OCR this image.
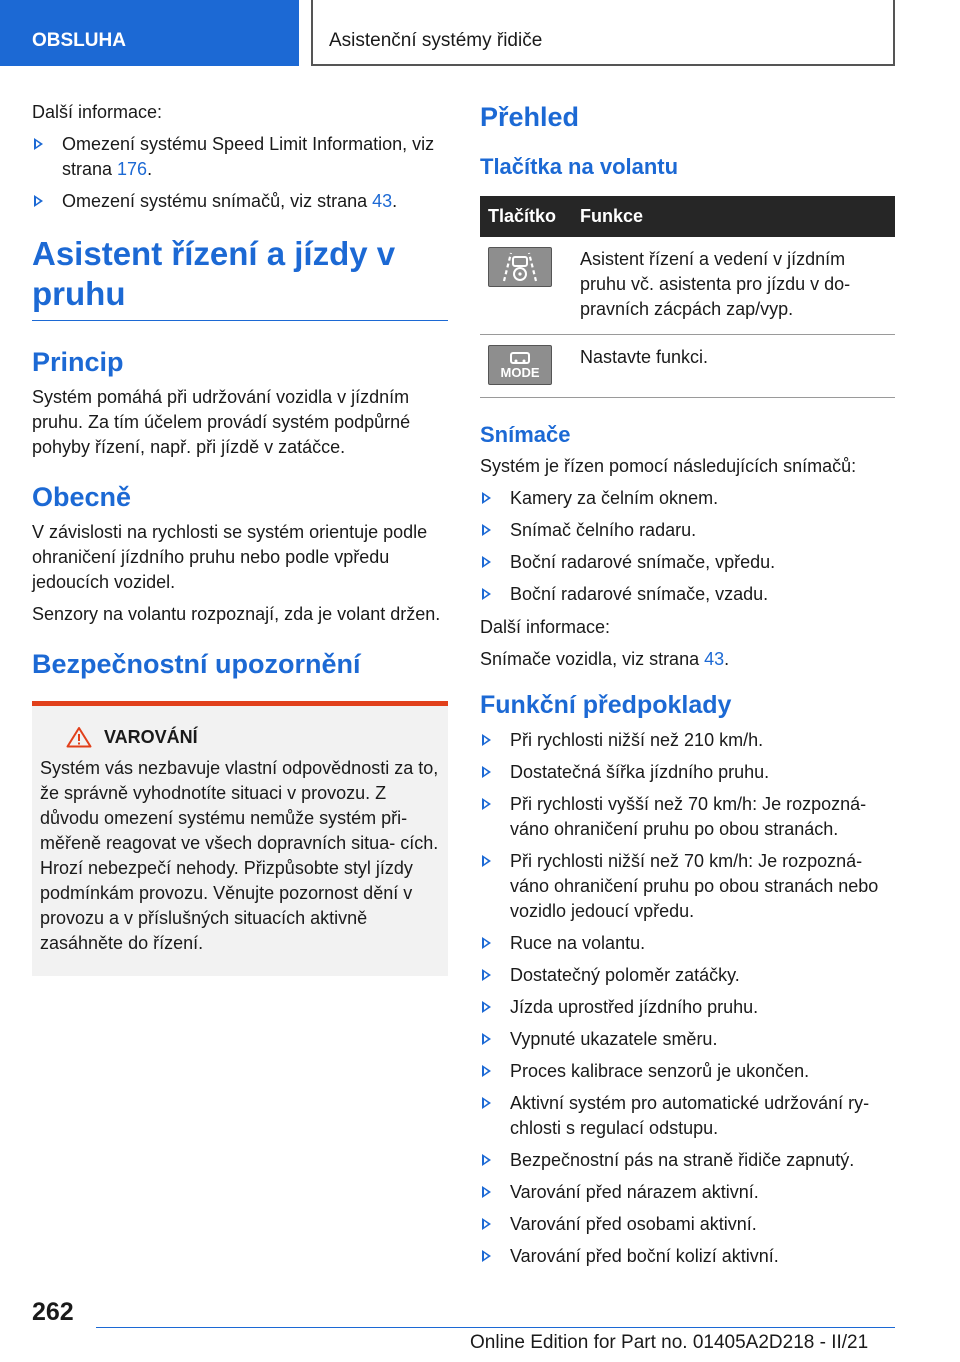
OBSLUHA	Asistenční systémy řidiče

Další informace:

Omezení systému Speed Limit Information, viz strana 176.
Omezení systému snímačů, viz strana 43.
Asistent řízení a jízdy v pruhu
Princip

Systém pomáhá při udržování vozidla v jízdním pruhu. Za tím účelem provádí systém podpůrné pohyby řízení, např. při jízdě v zatáčce.

Obecně

V závislosti na rychlosti se systém orientuje podle ohraničení jízdního pruhu nebo podle vpředu jedoucích vozidel.

Senzory na volantu rozpoznají, zda je volant držen.

Bezpečnostní upozornění
VAROVÁNÍ

Systém vás nezbavuje vlastní odpovědnosti za to, že správně vyhodnotíte situaci v provozu. Z důvodu omezení systému nemůže systém při- měřeně reagovat ve všech dopravních situa- cích. Hrozí nebezpečí nehody. Přizpůsobte styl jízdy podmínkám provozu. Věnujte pozornost dění v provozu a v příslušných situacích aktivně zasáhněte do řízení.

Přehled
Tlačítka na volantu
Tlačítko	Funkce

	Asistent řízení a vedení v jízdním pruhu vč. asistenta pro jízdu v do- pravních zácpách zap/vyp.

MODE	Nastavte funkci.
Snímače

Systém je řízen pomocí následujících snímačů:

Kamery za čelním oknem.
Snímač čelního radaru.
Boční radarové snímače, vpředu.
Boční radarové snímače, vzadu.

Další informace:

Snímače vozidla, viz strana 43.

Funkční předpoklady
Při rychlosti nižší než 210 km/h.
Dostatečná šířka jízdního pruhu.
Při rychlosti vyšší než 70 km/h: Je rozpozná- váno ohraničení pruhu po obou stranách.
Při rychlosti nižší než 70 km/h: Je rozpozná- váno ohraničení pruhu po obou stranách nebo vozidlo jedoucí vpředu.
Ruce na volantu.
Dostatečný poloměr zatáčky.
Jízda uprostřed jízdního pruhu.
Vypnuté ukazatele směru.
Proces kalibrace senzorů je ukončen.
Aktivní systém pro automatické udržování ry- chlosti s regulací odstupu.
Bezpečnostní pás na straně řidiče zapnutý.
Varování před nárazem aktivní.
Varování před osobami aktivní.
Varování před boční kolizí aktivní.
262
Online Edition for Part no. 01405A2D218 - II/21
